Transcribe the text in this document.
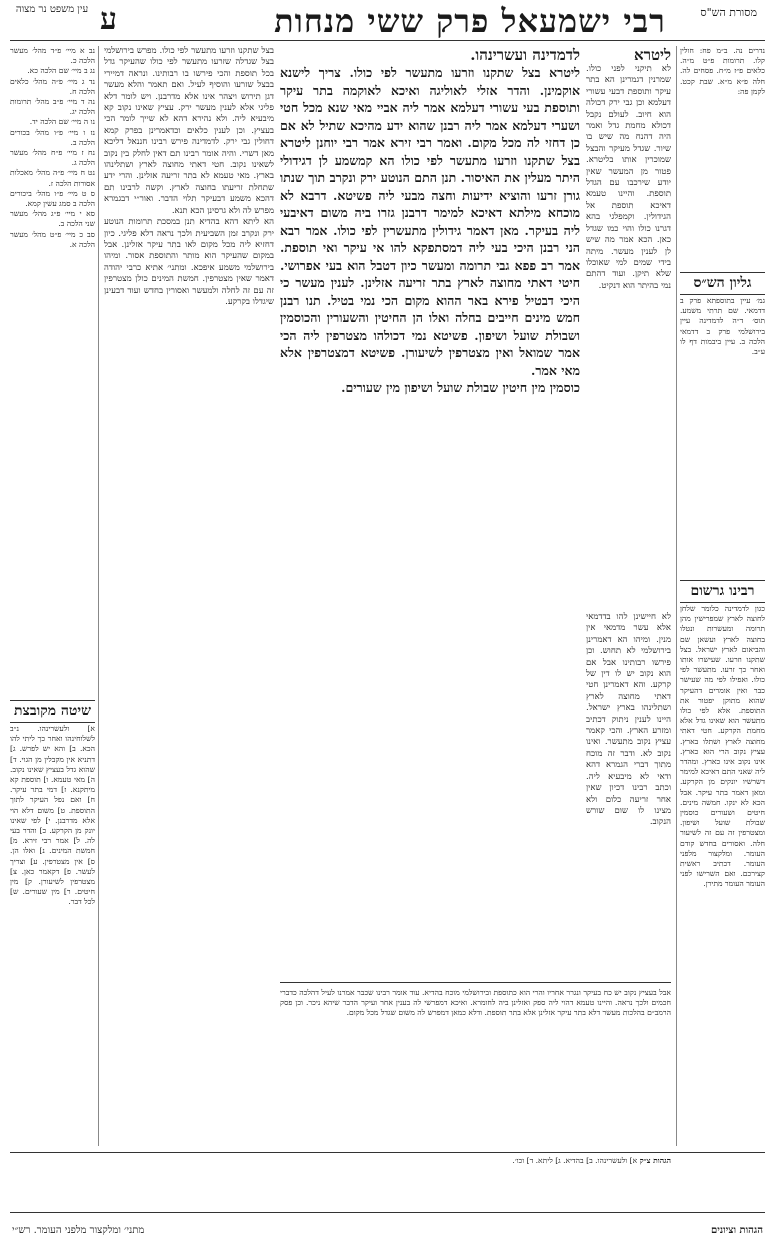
מסורת הש"ס
רבי ישמעאל פרק ששי מנחות
ע
עין משפט נר מצוה
נב א מיי׳ פ״ד מהל׳ מעשר הלכה כ.
נג ב מיי׳ שם הלכה כא.
נד ג מיי׳ פ״ה מהל׳ כלאים הלכה ח.
נה ד מיי׳ פ״ב מהל׳ תרומות הלכה יג.
נו ה מיי׳ שם הלכה יד.
נז ו מיי׳ פ״ו מהל׳ בכורים הלכה ב.
נח ז מיי׳ פ״ח מהל׳ מעשר הלכה ג.
נט ח מיי׳ פ״ה מהל׳ מאכלות אסורות הלכה ז.
ס ט מיי׳ פ״ו מהל׳ ביכורים הלכה ב סמג עשין קמא.
סא י מיי׳ פ״ג מהל׳ מעשר שני הלכה ב.
סב כ מיי׳ פ״ט מהל׳ מעשר הלכה א.
שיטה מקובצת
א] ולעשרינהו. נ״ב לשלוחינהו ואחר כך ליתי להו הכא. ב] והא יש לפרש. ג] דתניא אין מקבלין מן הגוי. ד] שהוא גדל בעציץ שאינו נקוב. ה] מאי טעמא. ו] תוספת קא מיתקנא. ז] דמי בתר עיקר. ח] ואם נפל העיקר לתוך התוספת. ט] משום דלא הוי אלא מדרבנן. י] לפי שאינו יונק מן הקרקע. כ] והדר בעי לה. ל] אמר רבי זירא. מ] חמשת המינים. נ] ואלו הן. ס] אין מצטרפין. ע] וצריך לעשר. פ] דקאמר כאן. צ] מצטרפין לשיעורן. ק] מין חיטים. ר] מין שעורים. ש] לכל דבר.
בצל שתקנו וזרעו מתעשר לפי כולו. מפרש בירושלמי בצל שגדלה שזרעו מתעשר לפי כולו שהעיקר גדל בכל תוספת והכי פירשו בו רבותינו. ונראה דמיירי בבצל שזרעו והוסיף לעיל. ואם תאמר והלא מעשר דגן תירוש ויצהר אינו אלא מדרבנן. ויש לומר דלא פליגי אלא לענין מעשר ירק. עציץ שאינו נקוב קא מיבעיא ליה. ולא נהירא דהא לא שייך לומר הכי בעציץ. וכן לענין כלאים וכדאמרינן בפרק קמא דחולין גבי ירק. לדמדינה פירש רבינו חננאל דליכא מאן דשרי. והיה אומר רבינו תם דאין לחלק בין נקוב לשאינו נקוב. חטי דאתי מחוצה לארץ ושתלינהו בארץ. מאי טעמא לא בתר זריעה אזלינן. והרי ידע שתחלת זריעתו בחוצה לארץ. וקשה לרבינו תם דהכא משמע דבעיקר תלוי הדבר. ואור״י דבגמרא מפרש לה ולא גרסינן הכא תנא.
הא ליתא דהא בהדיא תנן במסכת תרומות הנוטע ירק ונקרב זמן השביעית ולכך נראה דלא פליגי. כיון דחזיא ליה מכל מקום לאו בתר עיקר אזלינן. אבל במקום שהעיקר הוא מותר והתוספת אסור. ומיהו בירושלמי משמע איפכא. ומתני׳ אתיא כרבי יהודה דאמר שאין מצטרפין. חמשת המינים כולן מצטרפין זה עם זה לחלה ולמעשר ואסורין בחדש ועוד דבעינן שיגדלו בקרקע.
לדמדינה ועשרינהו.
ליטרא בצל שתקנו וזרעו מתעשר לפי כולו. צריך לישנא אוקמינן. והדר אזלי לאוליגה ואיכא לאוקמה בתר עיקר ותוספת בעי עשורי דעלמא אמר ליה אביי מאי שנא מכל חטי ושערי דעלמא אמר ליה רבנן שהוא ידע מהיכא שתיל לא אם כן דחזי לה מכל מקום. ואמר רבי זירא אמר רבי יוחנן ליטרא בצל שתקנו וזרעו מתעשר לפי כולו הא קמשמע לן דגידולי היתר מעלין את האיסור. תנן התם הנוטע ירק ונקרב תוך שנתו גורן זרעו והוציא ידיעות וחצה מבעי ליה פשיטא. דרבא לא מוכחא מילתא דאיכא למימר דרבנן גזרו ביה משום דאיבעי ליה בעיקר. מאן דאמר גידולין מתעשרין לפי כולו. אמר רבא הני רבנן היכי בעי ליה דמסתפקא להו אי עיקר ואי תוספת. אמר רב פפא גבי תרומה ומעשר כיון דטבל הוא בעי אפרושי. חיטי דאתי מחוצה לארץ בתר זריעה אזלינן. לענין מעשר כי היכי דבטיל פירא באר ההוא מקום הכי נמי בטיל. תנו רבנן חמש מינים חייבים בחלה ואלו הן החיטין והשעורין והכוסמין ושבולת שועל ושיפון. פשיטא נמי דכולהו מצטרפין ליה הכי אמר שמואל ואין מצטרפין לשיעורן. פשיטא דמצטרפין אלא מאי אמר.
כוסמין מין חיטין שבולת שועל ושיפון מין שעורים.
ליטרא
לא תיקני לפני כולו. שמרנין דגמרינן הא בתר עיקר ותוספת דבעי עשורי דעלמא וכן גבי ירק דכולה הוא חיוב. לעולם נקבל דכולא מחמת גדל ואמר היה דהנח מה שיש בו שיור. שגדל מעיקר והבצל שמוכרין אותו בליטרא. פטור מן המעשר שאין יודע שירכבו עם הגדל תוספת. והיינו טעמא דאיכא תוספת אל הגידולין. וקמפלגי בהא דגרנו כולו והוי כמו שגדל כאן. הכא אמר מה שיש לן לענין מעשר. מיתה בידי שמים למי שאוכלו שלא תיקן. ועוד דהתם נמי בהיתר הוא דנקיט.
נדרים נה. ב״מ פח: חולין קלו. תרומות פ״ט מ״ה. כלאים פ״ז מ״ח. פסחים לה. חלה פ״א מ״א. שבת קכט. לקמן פה:
גליון הש״ס
גמ׳ עיין בתוספתא פרק ב דדמאי. שם תרתי משמע. תוס׳ ד״ה לדמדינה עיין בירושלמי פרק ב דדמאי הלכה ב. עיין ביבמות דף לו ע״ב.
רבינו גרשום
כגון לדמדינה כלומר שלחן לחוצה לארץ שמפרישין מהן תרומה ומעשרות ונטלו בחוצה לארץ ועשאן שם והביאום לארץ ישראל. בצל שתקנו וזרעו. שעישרו אותו ואחר כך זרעו. מתעשר לפי כולו. ואפילו לפי מה שעישר כבר ואין אומרים דהעיקר שהוא מתוקן יפטור את התוספת. אלא לפי כולו מתעשר הוא שאינו גדל אלא מחמת הקרקע. חטי דאתי מחוצה לארץ ושתלו בארץ. עציץ נקוב הרי הוא כארץ. אינו נקוב אינו כארץ. ומהדר ליה שאני התם דאיכא למימר דשרשיו יונקים מן הקרקע. ומאן דאמר בתר עיקר. אבל הכא לא ינקו. חמשה מינים. חיטים ושעורים כוסמין שבולת שועל ושיפון. ומצטרפין זה עם זה לשיעור חלה. ואסורים בחדש קודם העומר. ומלקצור מלפני העומר. דכתיב ראשית קצירכם. ואם השרישו לפני העומר העומר מתירן.
לא חיישינן להו בדדמאי אלא עשר מדמאי אין מנין. ומיהו הא דאמרינן בירושלמי לא תחוש. וכן פירשו רבותינו אבל אם הוא נקוב יש לו דין של קרקע. והא דאמרינן חטי דאתי מחוצה לארץ ושתלינהו בארץ ישראל. היינו לענין ניתוק דכתיב ומזרע הארץ. והכי קאמר עציץ נקוב מתעשר. ואינו נקוב לא. ודבר זה מוכח מתוך דברי הגמרא דהא ודאי לא מיבעיא ליה. וכתב רבינו דכיון שאין אחר זריעה כלום ולא מצינו לו שום שורש הנקוב.
אבל בעציץ נקוב יש כח בעיקר ונגרר אחריו והרי הוא כתוספת ובירושלמי מוכח בהדיא. עוד אומר רבינו שכבר אמרנו לעיל דהלכה כדברי חכמים ולכך נראה. והיינו טעמא דהוי ליה ספק ואזלינן ביה לחומרא. ואיכא דמפרשי לה בענין אחר ועיקר הדבר שיהא ניכר. וכן פסק הרמב״ם בהלכות מעשר דלא בתר עיקר אזלינן אלא בתר תוספת. ודלא כמאן דמפרש לה משום שגדל מכל מקום.
הגהות צ״ק א] ולעשרינהו. ב] בהדיא. ג] ליתא. ד] וכו׳.
הגהות וציונים
מתני׳ ומלקצור מלפני העומר. רש״י
